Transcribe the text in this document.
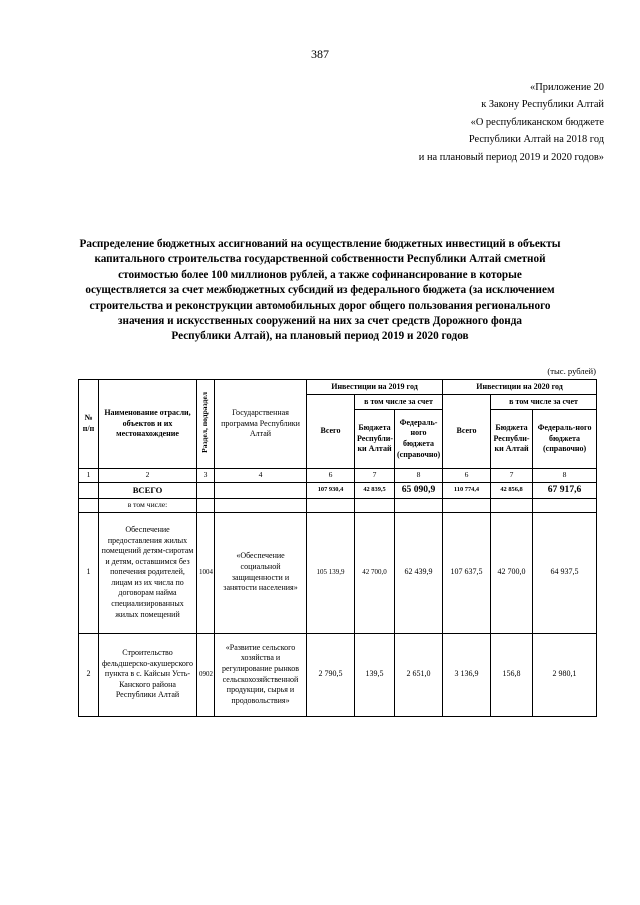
387
«Приложение 20
к Закону Республики Алтай
«О республиканском бюджете
Республики Алтай на 2018 год
и на плановый период 2019 и 2020 годов»
Распределение бюджетных ассигнований на осуществление бюджетных инвестиций в объекты
капитального строительства государственной собственности Республики Алтай сметной
стоимостью более 100 миллионов рублей, а также софинансирование в которые
осуществляется за счет межбюджетных субсидий из федерального бюджета (за исключением
строительства и реконструкции автомобильных дорог общего пользования регионального
значения и искусственных сооружений на них за счет средств Дорожного фонда
Республики Алтай), на плановый период 2019 и 2020 годов
(тыс. рублей)
№ п/п	Наименование отрасли, объектов и их местонахождение	Раздел, подраздел	Государственная программа Республики Алтай	Инвестиции на 2019 год			Инвестиции на 2020 год		
				Всего	в том числе за счет		Всего	в том числе за счет	
					Бюджета Республи-ки Алтай	Федераль-ного бюджета (справочно)		Бюджета Республи-ки Алтай	Федераль-ного бюджета (справочно)
1	2	3	4	6	7	8	6	7	8
	ВСЕГО			107 930,4	42 839,5	65 090,9	110 774,4	42 856,8	67 917,6
	в том числе:								
1	Обеспечение предоставления жилых помещений детям-сиротам и детям, оставшимся без попечения родителей, лицам из их числа по договорам найма специализированных жилых помещений	1004	«Обеспечение социальной защищенности и занятости населения»	105 139,9	42 700,0	62 439,9	107 637,5	42 700,0	64 937,5
2	Строительство фельдшерско-акушерского пункта в с. Кайсын Усть-Канского района Республики Алтай	0902	«Развитие сельского хозяйства и регулирование рынков сельскохозяйственной продукции, сырья и продовольствия»	2 790,5	139,5	2 651,0	3 136,9	156,8	2 980,1
